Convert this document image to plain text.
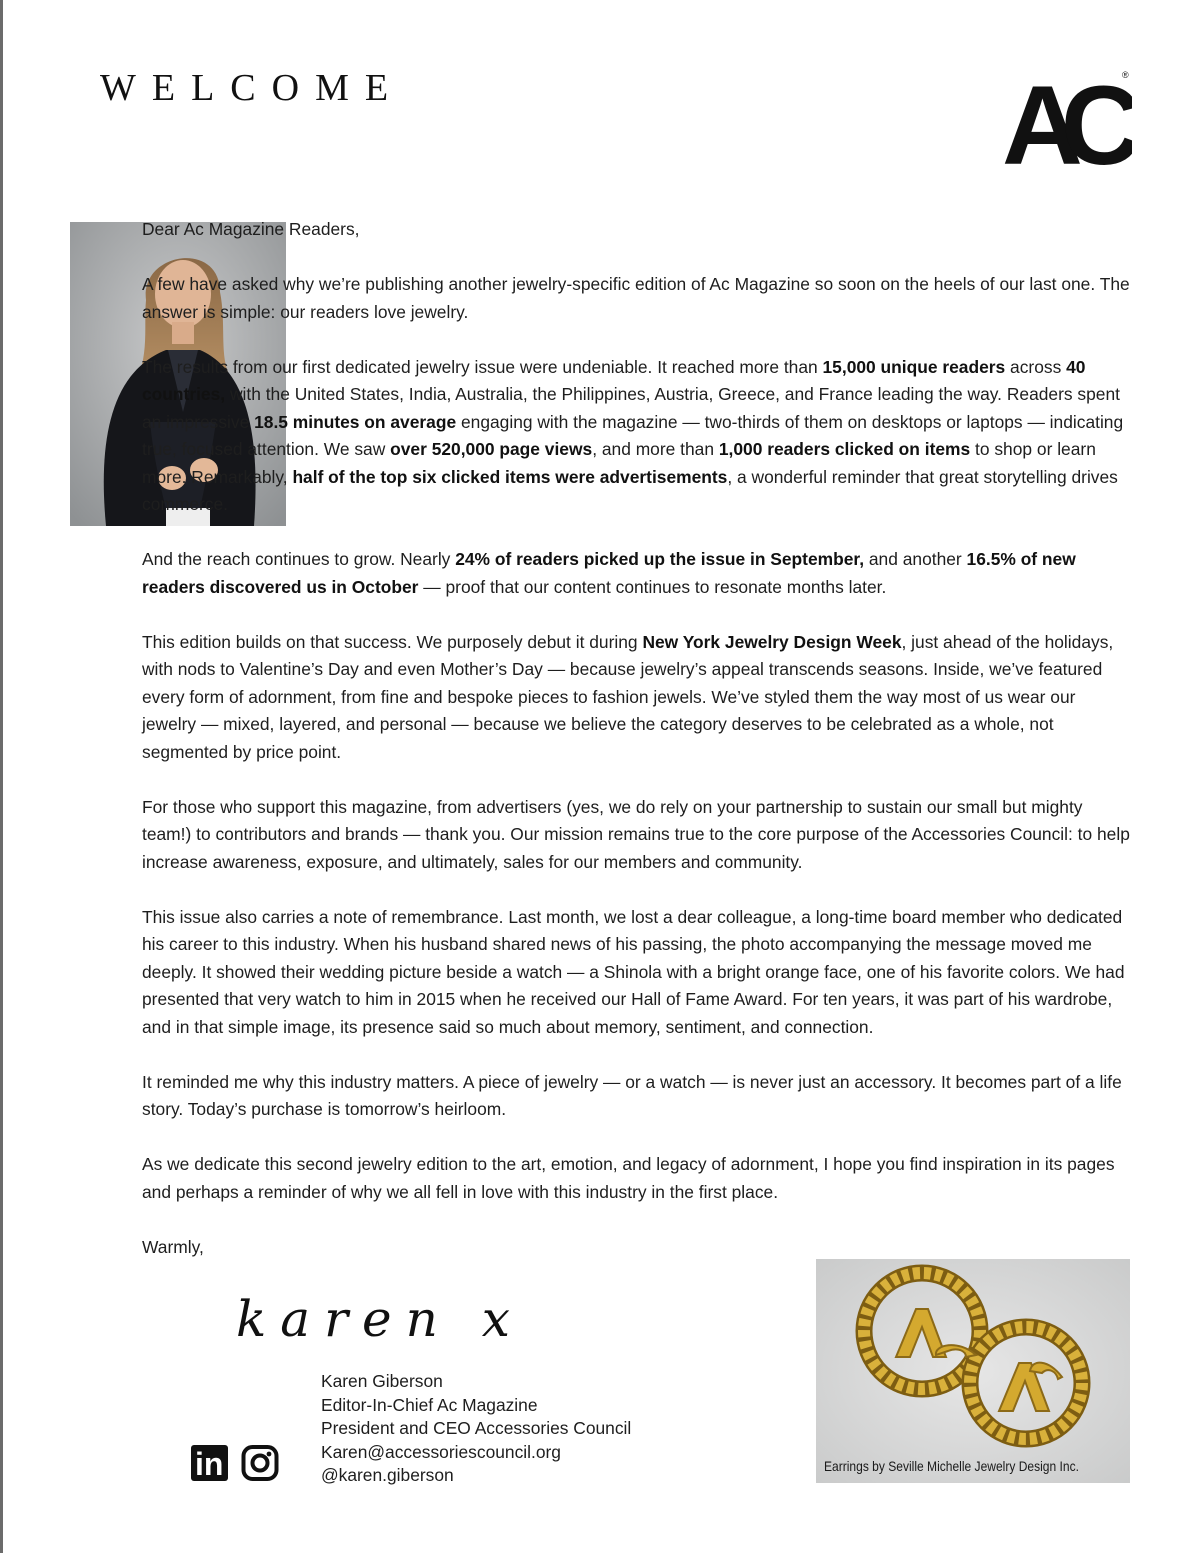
WELCOME	AC ®

Dear Ac Magazine Readers,

A few have asked why we’re publishing another jewelry-specific edition of Ac Magazine so soon on the heels of our last one. The answer is simple: our readers love jewelry.

The results from our first dedicated jewelry issue were undeniable. It reached more than 15,000 unique readers across 40 countries, with the United States, India, Australia, the Philippines, Austria, Greece, and France leading the way. Readers spent an impressive 18.5 minutes on average engaging with the magazine — two-thirds of them on desktops or laptops — indicating true, focused attention. We saw over 520,000 page views, and more than 1,000 readers clicked on items to shop or learn more. Remarkably, half of the top six clicked items were advertisements, a wonderful reminder that great storytelling drives commerce.

And the reach continues to grow. Nearly 24% of readers picked up the issue in September, and another 16.5% of new readers discovered us in October — proof that our content continues to resonate months later.

This edition builds on that success. We purposely debut it during New York Jewelry Design Week, just ahead of the holidays, with nods to Valentine’s Day and even Mother’s Day — because jewelry’s appeal transcends seasons. Inside, we’ve featured every form of adornment, from fine and bespoke pieces to fashion jewels. We’ve styled them the way most of us wear our jewelry — mixed, layered, and personal — because we believe the category deserves to be celebrated as a whole, not segmented by price point.

For those who support this magazine, from advertisers (yes, we do rely on your partnership to sustain our small but mighty team!) to contributors and brands — thank you. Our mission remains true to the core purpose of the Accessories Council: to help increase awareness, exposure, and ultimately, sales for our members and community.

This issue also carries a note of remembrance. Last month, we lost a dear colleague, a long-time board member who dedicated his career to this industry. When his husband shared news of his passing, the photo accompanying the message moved me deeply. It showed their wedding picture beside a watch — a Shinola with a bright orange face, one of his favorite colors. We had presented that very watch to him in 2015 when he received our Hall of Fame Award. For ten years, it was part of his wardrobe, and in that simple image, its presence said so much about memory, sentiment, and connection.

It reminded me why this industry matters. A piece of jewelry — or a watch — is never just an accessory. It becomes part of a life story. Today’s purchase is tomorrow’s heirloom.

As we dedicate this second jewelry edition to the art, emotion, and legacy of adornment, I hope you find inspiration in its pages and perhaps a reminder of why we all fell in love with this industry in the first place.

Warmly,

karen x
Karen Giberson
Editor-In-Chief Ac Magazine
President and CEO Accessories Council
Karen@accessoriescouncil.org
@karen.giberson
in	Earrings by Seville Michelle Jewelry Design Inc.
